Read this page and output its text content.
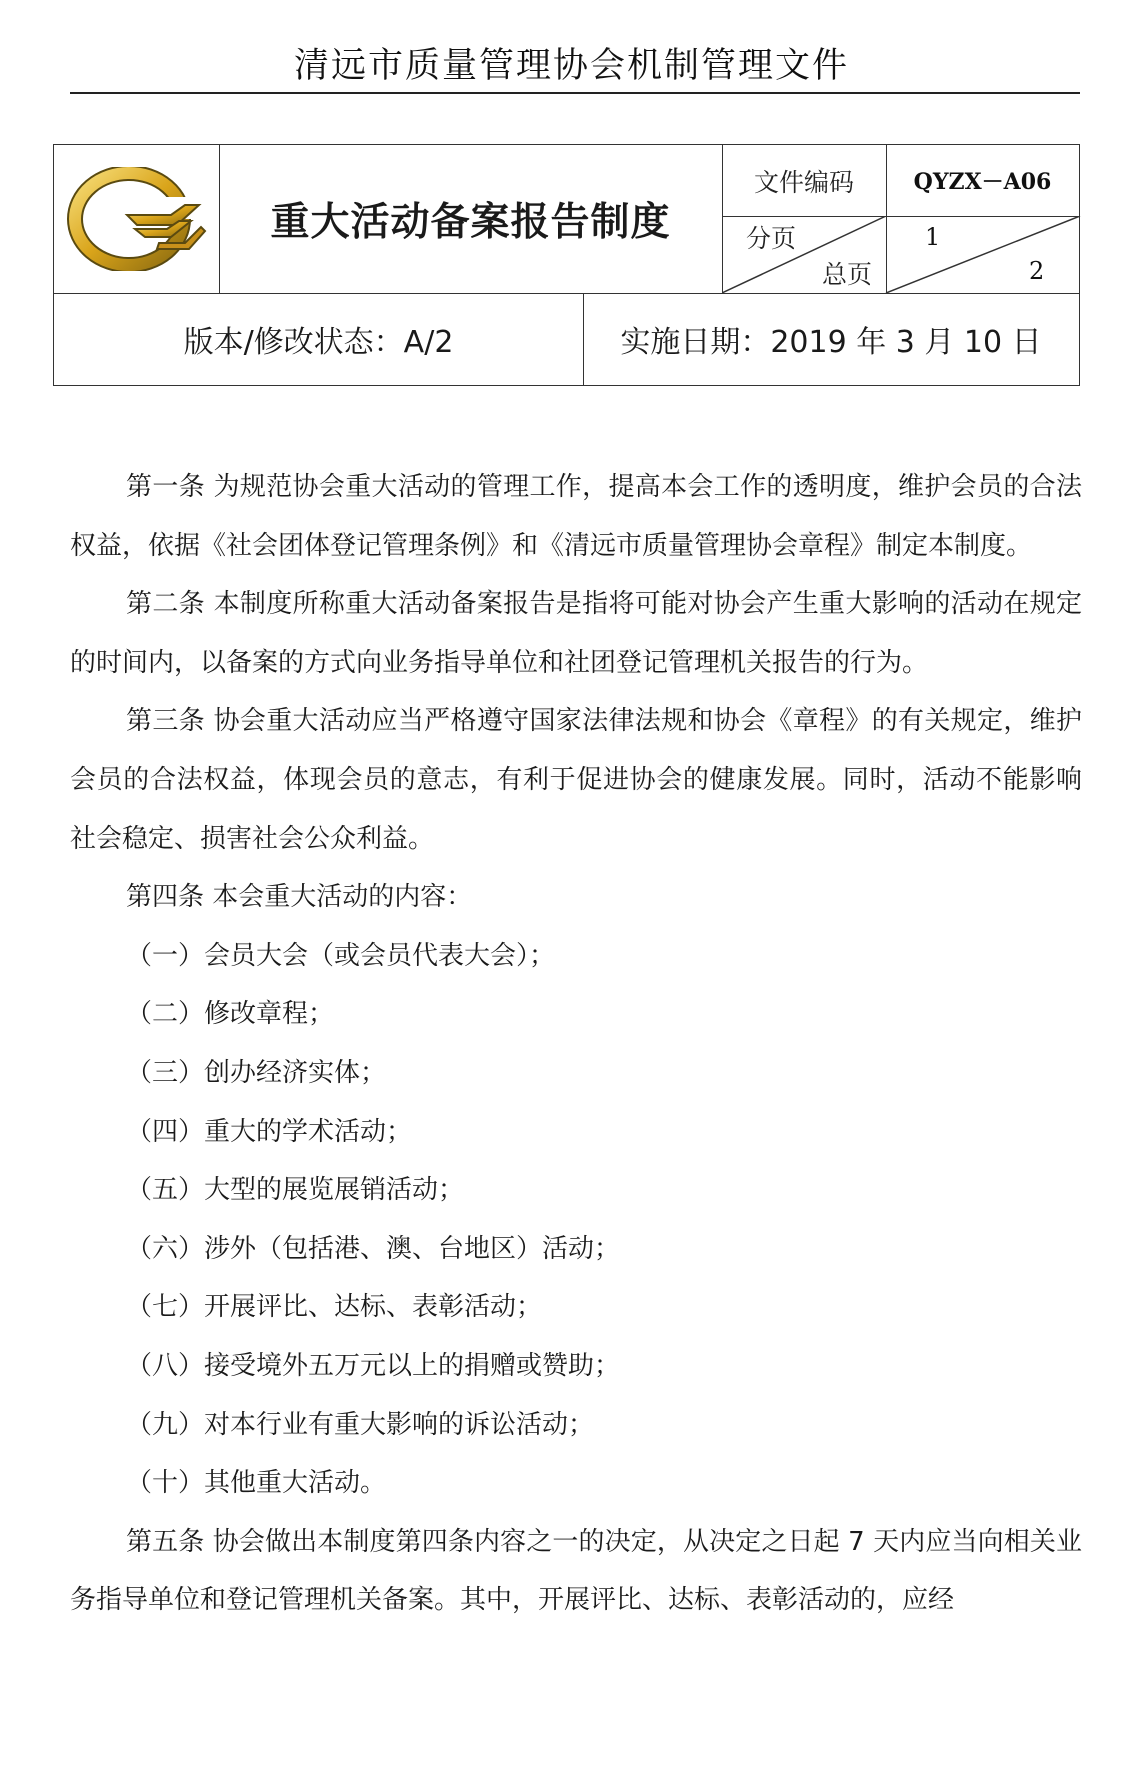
清远市质量管理协会机制管理文件
重大活动备案报告制度
文件编码	QYZX－A06
分页
总页
1
2
版本/修改状态：A/2	实施日期：2019 年 3 月 10 日

第一条 为规范协会重大活动的管理工作，提高本会工作的透明度，维护会员的合法权益，依据《社会团体登记管理条例》和《清远市质量管理协会章程》制定本制度。

第二条 本制度所称重大活动备案报告是指将可能对协会产生重大影响的活动在规定的时间内，以备案的方式向业务指导单位和社团登记管理机关报告的行为。

第三条 协会重大活动应当严格遵守国家法律法规和协会《章程》的有关规定，维护会员的合法权益，体现会员的意志，有利于促进协会的健康发展。同时，活动不能影响社会稳定、损害社会公众利益。

第四条 本会重大活动的内容：

（一）会员大会（或会员代表大会）；

（二）修改章程；

（三）创办经济实体；

（四）重大的学术活动；

（五）大型的展览展销活动；

（六）涉外（包括港、澳、台地区）活动；

（七）开展评比、达标、表彰活动；

（八）接受境外五万元以上的捐赠或赞助；

（九）对本行业有重大影响的诉讼活动；

（十）其他重大活动。

第五条 协会做出本制度第四条内容之一的决定，从决定之日起 7 天内应当向相关业务指导单位和登记管理机关备案。其中，开展评比、达标、表彰活动的，应经
